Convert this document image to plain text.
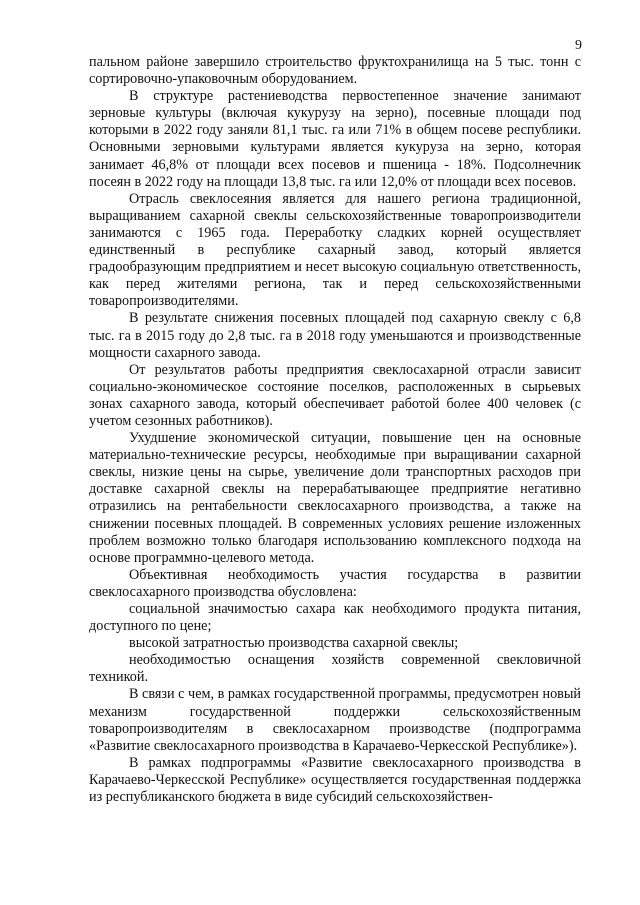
9

пальном районе завершило строительство фруктохранилища на 5 тыс. тонн с сортировочно-упаковочным оборудованием.

В структуре растениеводства первостепенное значение занимают зерновые культуры (включая кукурузу на зерно), посевные площади под которыми в 2022 году заняли 81,1 тыс. га или 71% в общем посеве республики. Основными зерновыми культурами является кукуруза на зерно, которая занимает 46,8% от площади всех посевов и пшеница - 18%. Подсолнечник посеян в 2022 году на площади 13,8 тыс. га или 12,0% от площади всех посевов.

Отрасль свеклосеяния является для нашего региона традиционной, выращиванием сахарной свеклы сельскохозяйственные товаропроизводители занимаются с 1965 года. Переработку сладких корней осуществляет единственный в республике сахарный завод, который является градообразующим предприятием и несет высокую социальную ответственность, как перед жителями региона, так и перед сельскохозяйственными товаропроизводителями.

В результате снижения посевных площадей под сахарную свеклу с 6,8 тыс. га в 2015 году до 2,8 тыс. га в 2018 году уменьшаются и производственные мощности сахарного завода.

От результатов работы предприятия свеклосахарной отрасли зависит социально-экономическое состояние поселков, расположенных в сырьевых зонах сахарного завода, который обеспечивает работой более 400 человек (с учетом сезонных работников).

Ухудшение экономической ситуации, повышение цен на основные материально-технические ресурсы, необходимые при выращивании сахарной свеклы, низкие цены на сырье, увеличение доли транспортных расходов при доставке сахарной свеклы на перерабатывающее предприятие негативно отразились на рентабельности свеклосахарного производства, а также на снижении посевных площадей. В современных условиях решение изложенных проблем возможно только благодаря использованию комплексного подхода на основе программно-целевого метода.

Объективная необходимость участия государства в развитии свеклосахарного производства обусловлена:

социальной значимостью сахара как необходимого продукта питания, доступного по цене;

высокой затратностью производства сахарной свеклы;

необходимостью оснащения хозяйств современной свекловичной техникой.

В связи с чем, в рамках государственной программы, предусмотрен новый механизм государственной поддержки сельскохозяйственным товаропроизводителям в свеклосахарном производстве (подпрограмма «Развитие свеклосахарного производства в Карачаево-Черкесской Республике»).

В рамках подпрограммы «Развитие свеклосахарного производства в Карачаево-Черкесской Республике» осуществляется государственная поддержка из республиканского бюджета в виде субсидий сельскохозяйствен-
